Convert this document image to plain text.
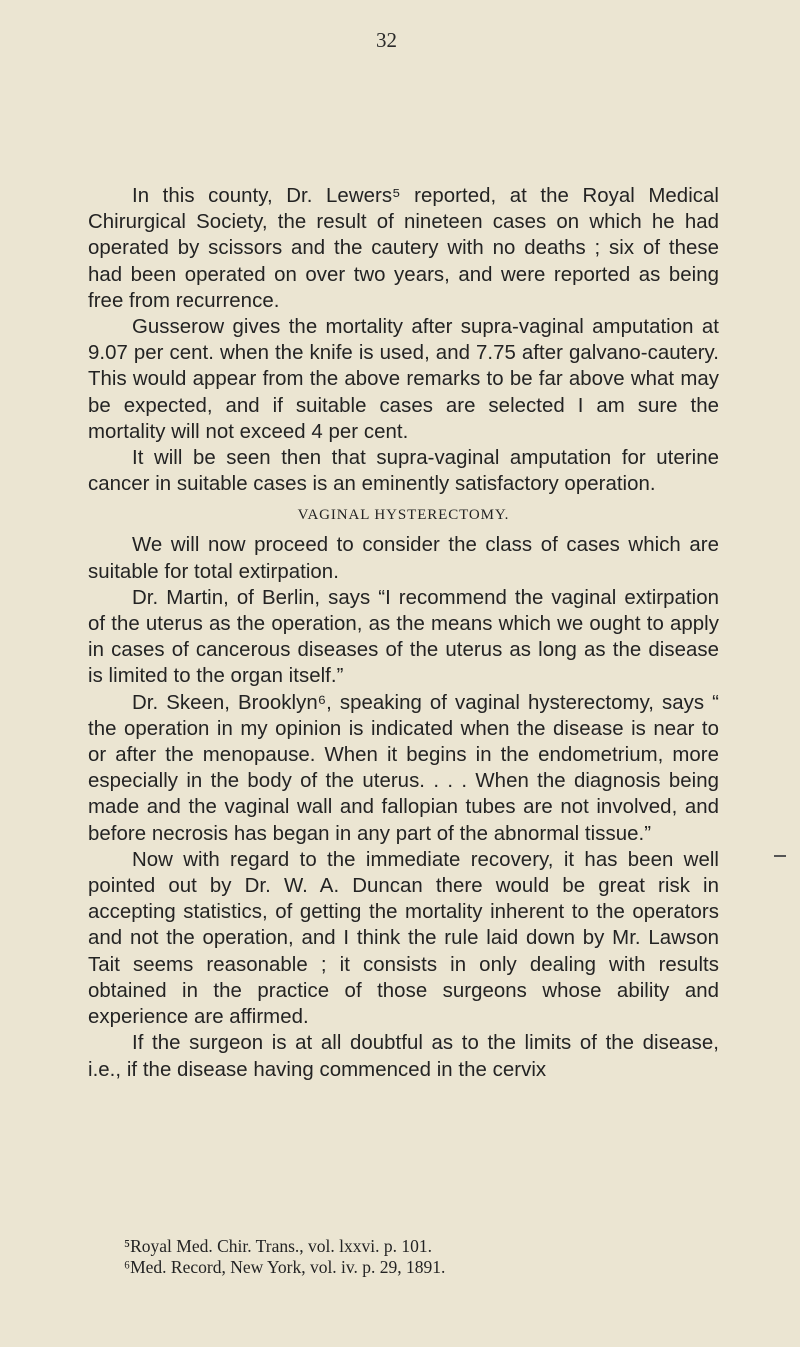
32

In this county, Dr. Lewers⁵ reported, at the Royal Medical Chirurgical Society, the result of nineteen cases on which he had operated by scissors and the cautery with no deaths ; six of these had been operated on over two years, and were reported as being free from recurrence.

Gusserow gives the mortality after supra-vaginal amputation at 9.07 per cent. when the knife is used, and 7.75 after galvano-cautery. This would appear from the above remarks to be far above what may be expected, and if suitable cases are selected I am sure the mortality will not exceed 4 per cent.

It will be seen then that supra-vaginal amputation for uterine cancer in suitable cases is an eminently satisfactory operation.

VAGINAL HYSTERECTOMY.

We will now proceed to consider the class of cases which are suitable for total extirpation.

Dr. Martin, of Berlin, says “I recommend the vaginal extirpation of the uterus as the operation, as the means which we ought to apply in cases of cancerous diseases of the uterus as long as the disease is limited to the organ itself.”

Dr. Skeen, Brooklyn⁶, speaking of vaginal hysterectomy, says “ the operation in my opinion is indicated when the disease is near to or after the menopause. When it begins in the endometrium, more especially in the body of the uterus. . . . When the diagnosis being made and the vaginal wall and fallopian tubes are not involved, and before necrosis has began in any part of the abnormal tissue.”

Now with regard to the immediate recovery, it has been well pointed out by Dr. W. A. Duncan there would be great risk in accepting statistics, of getting the mortality inherent to the operators and not the operation, and I think the rule laid down by Mr. Lawson Tait seems reasonable ; it consists in only dealing with results obtained in the practice of those surgeons whose ability and experience are affirmed.

If the surgeon is at all doubtful as to the limits of the disease, i.e., if the disease having commenced in the cervix

⁵Royal Med. Chir. Trans., vol. lxxvi. p. 101.

⁶Med. Record, New York, vol. iv. p. 29, 1891.
